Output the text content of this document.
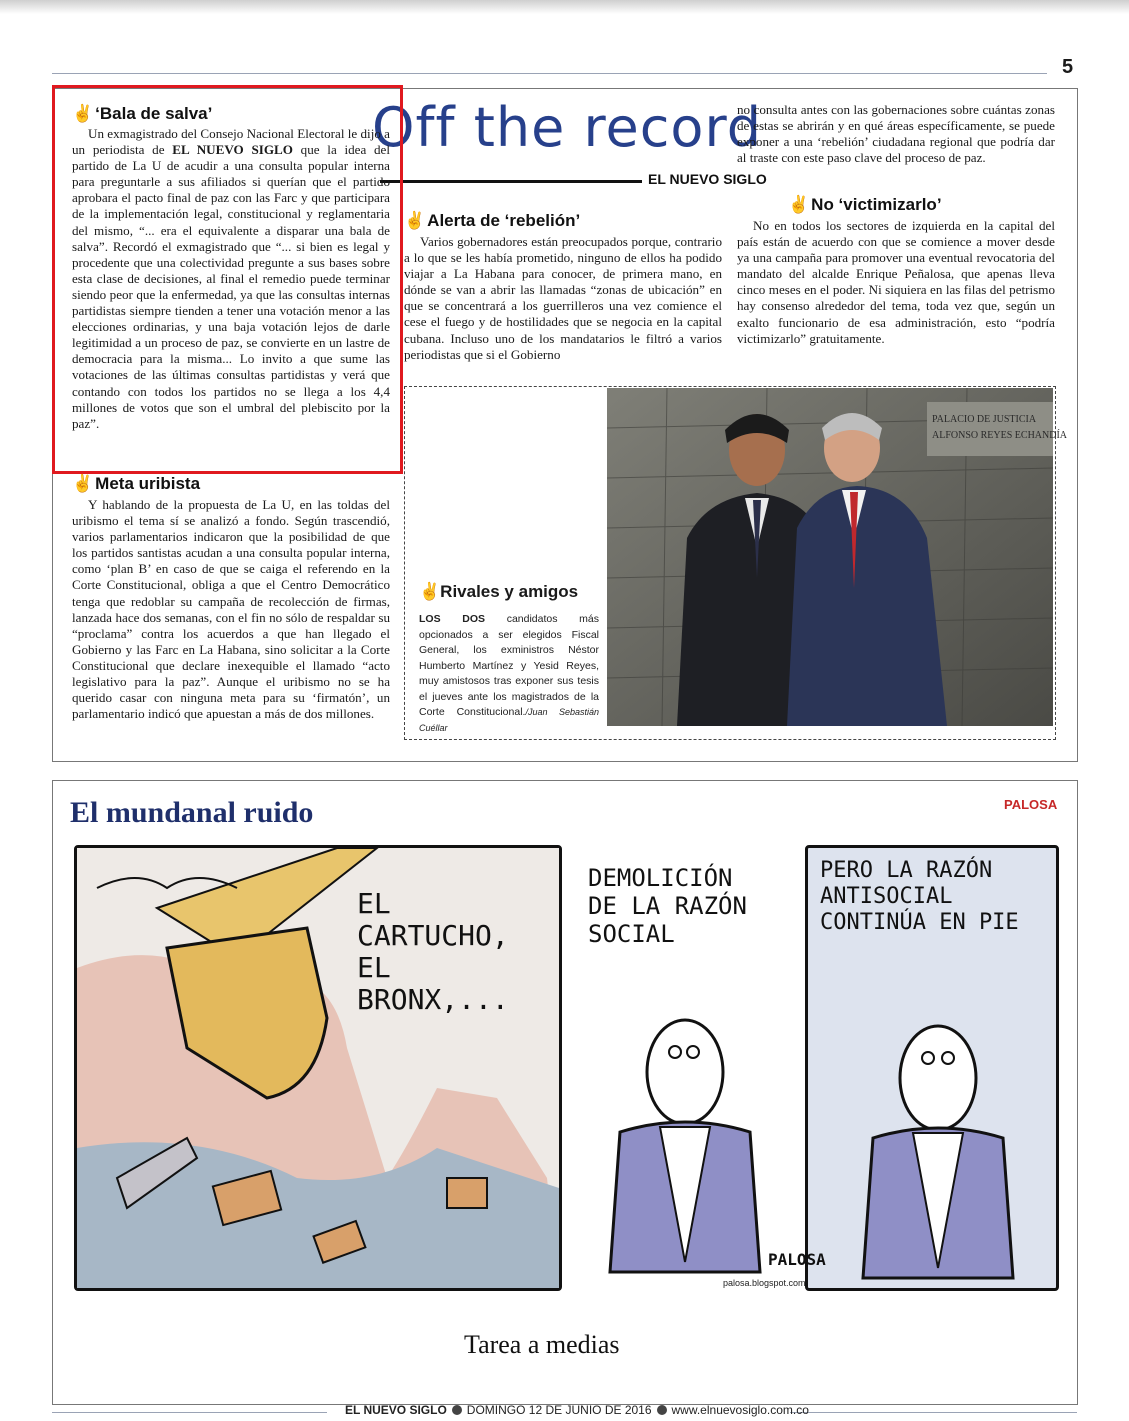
5
Off the record
EL NUEVO SIGLO
✌ ‘Bala de salva’

Un exmagistrado del Consejo Nacional Electoral le dijo a un periodista de EL NUEVO SIGLO que la idea del partido de La U de acudir a una consulta popular interna para preguntarle a sus afiliados si querían que el partido aprobara el pacto final de paz con las Farc y que participara de la implementación legal, constitucional y reglamentaria del mismo, “... era el equivalente a disparar una bala de salva”. Recordó el exmagistrado que “... si bien es legal y procedente que una colectividad pregunte a sus bases sobre esta clase de decisiones, al final el remedio puede terminar siendo peor que la enfermedad, ya que las consultas internas partidistas siempre tienden a tener una votación menor a las elecciones ordinarias, y una baja votación lejos de darle legitimidad a un proceso de paz, se convierte en un lastre de democracia para la misma... Lo invito a que sume las votaciones de las últimas consultas partidistas y verá que contando con todos los partidos no se llega a los 4,4 millones de votos que son el umbral del plebiscito por la paz”.

✌ Meta uribista

Y hablando de la propuesta de La U, en las toldas del uribismo el tema sí se analizó a fondo. Según trascendió, varios parlamentarios indicaron que la posibilidad de que los partidos santistas acudan a una consulta popular interna, como ‘plan B’ en caso de que se caiga el referendo en la Corte Constitucional, obliga a que el Centro Democrático tenga que redoblar su campaña de recolección de firmas, lanzada hace dos semanas, con el fin no sólo de respaldar su “proclama” contra los acuerdos a que han llegado el Gobierno y las Farc en La Habana, sino solicitar a la Corte Constitucional que declare inexequible el llamado “acto legislativo para la paz”. Aunque el uribismo no se ha querido casar con ninguna meta para su ‘firmatón’, un parlamentario indicó que apuestan a más de dos millones.

✌ Alerta de ‘rebelión’

Varios gobernadores están preocupados porque, contrario a lo que se les había prometido, ninguno de ellos ha podido viajar a La Habana para conocer, de primera mano, en dónde se van a abrir las llamadas “zonas de ubicación” en que se concentrará a los guerrilleros una vez comience el cese el fuego y de hostilidades que se negocia en la capital cubana. Incluso uno de los mandatarios le filtró a varios periodistas que si el Gobierno

no consulta antes con las gobernaciones sobre cuántas zonas de estas se abrirán y en qué áreas específicamente, se puede exponer a una ‘rebelión’ ciudadana regional que podría dar al traste con este paso clave del proceso de paz.

✌ No ‘victimizarlo’

No en todos los sectores de izquierda en la capital del país están de acuerdo con que se comience a mover desde ya una campaña para promover una eventual revocatoria del mandato del alcalde Enrique Peñalosa, que apenas lleva cinco meses en el poder. Ni siquiera en las filas del petrismo hay consenso alrededor del tema, toda vez que, según un exalto funcionario de esa administración, esto “podría victimizarlo” gratuitamente.

✌Rivales y amigos
LOS DOS candidatos más opcionados a ser elegidos Fiscal General, los exministros Néstor Humberto Martínez y Yesid Reyes, muy amistosos tras exponer sus tesis el jueves ante los magistrados de la Corte Constitucional./Juan Sebastián Cuéllar
PALACIO DE JUSTICIA
ALFONSO REYES ECHANDÍA
El mundanal ruido	PALOSA
EL
CARTUCHO,
EL
BRONX,...
DEMOLICIÓN
DE LA RAZÓN
SOCIAL
PERO LA RAZÓN
ANTISOCIAL
CONTINÚA EN PIE
palosa.blogspot.com
PALOSA
Tarea a medias
EL NUEVO SIGLO DOMINGO 12 DE JUNIO DE 2016 www.elnuevosiglo.com.co
